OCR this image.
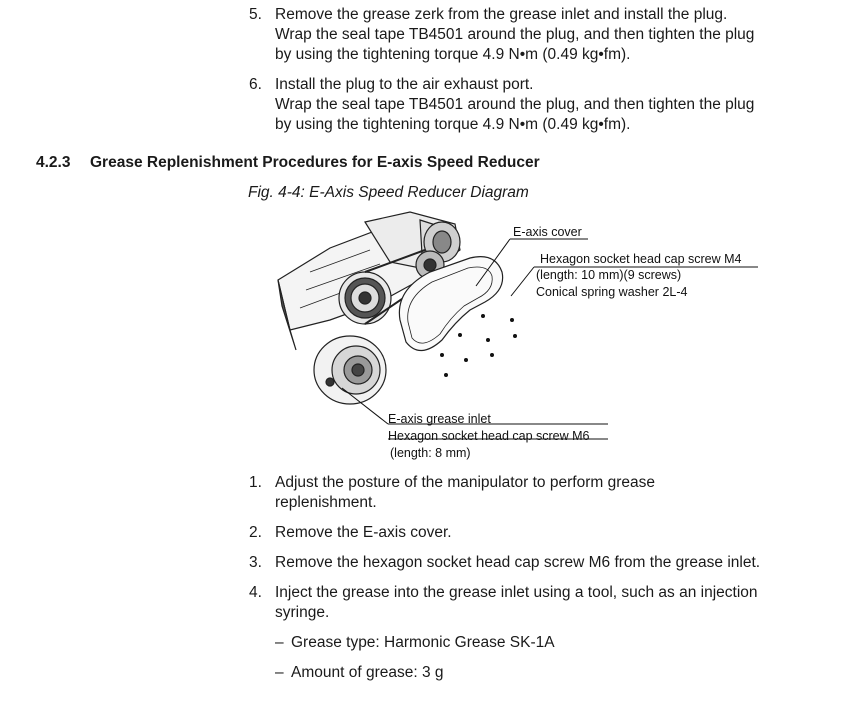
5. Remove the grease zerk from the grease inlet and install the plug.
Wrap the seal tape TB4501 around the plug, and then tighten the plug
by using the tightening torque 4.9 N•m (0.49 kg•fm).
6. Install the plug to the air exhaust port.
Wrap the seal tape TB4501 around the plug, and then tighten the plug
by using the tightening torque 4.9 N•m (0.49 kg•fm).
4.2.3 Grease Replenishment Procedures for E-axis Speed Reducer
Fig. 4-4: E-Axis Speed Reducer Diagram
E-axis cover
Hexagon socket head cap screw M4
(length: 10 mm)(9 screws)
Conical spring washer 2L-4
E-axis grease inlet
Hexagon socket head cap screw M6
(length: 8 mm)
1. Adjust the posture of the manipulator to perform grease
replenishment.
2. Remove the E-axis cover.
3. Remove the hexagon socket head cap screw M6 from the grease inlet.
4. Inject the grease into the grease inlet using a tool, such as an injection
syringe.
– Grease type: Harmonic Grease SK-1A
– Amount of grease: 3 g
